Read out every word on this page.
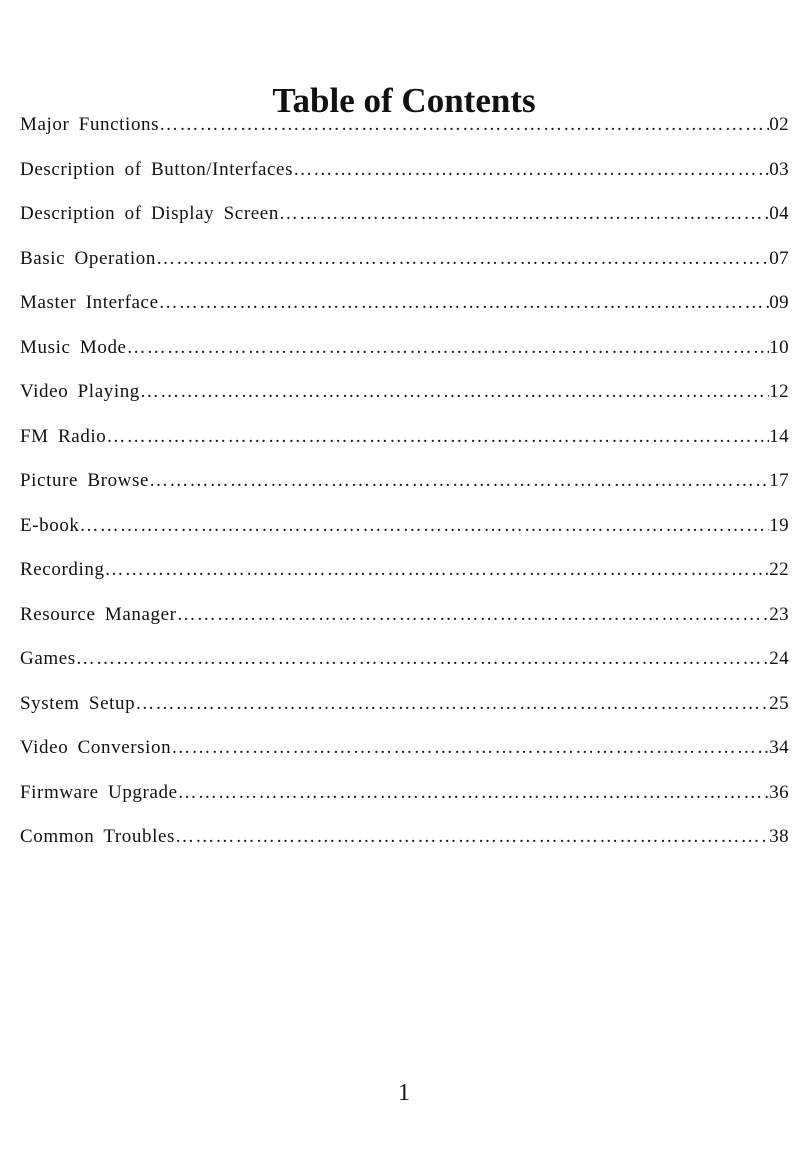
Table of Contents
Major Functions ……………………………………………………………………………………………………………………………………………………………………………………………………………	02
Description of Button/Interfaces ……………………………………………………………………………………………………………………………………………………………………………………………………………	03
Description of Display Screen ……………………………………………………………………………………………………………………………………………………………………………………………………………	04
Basic Operation ……………………………………………………………………………………………………………………………………………………………………………………………………………	07
Master Interface ……………………………………………………………………………………………………………………………………………………………………………………………………………	09
Music Mode ……………………………………………………………………………………………………………………………………………………………………………………………………………	10
Video Playing ……………………………………………………………………………………………………………………………………………………………………………………………………………	12
FM Radio ……………………………………………………………………………………………………………………………………………………………………………………………………………	14
Picture Browse ……………………………………………………………………………………………………………………………………………………………………………………………………………	17
E-book ……………………………………………………………………………………………………………………………………………………………………………………………………………	19
Recording ……………………………………………………………………………………………………………………………………………………………………………………………………………	22
Resource Manager ……………………………………………………………………………………………………………………………………………………………………………………………………………	23
Games ……………………………………………………………………………………………………………………………………………………………………………………………………………	24
System Setup ……………………………………………………………………………………………………………………………………………………………………………………………………………	25
Video Conversion ……………………………………………………………………………………………………………………………………………………………………………………………………………	34
Firmware Upgrade ……………………………………………………………………………………………………………………………………………………………………………………………………………	36
Common Troubles ……………………………………………………………………………………………………………………………………………………………………………………………………………	38
1
